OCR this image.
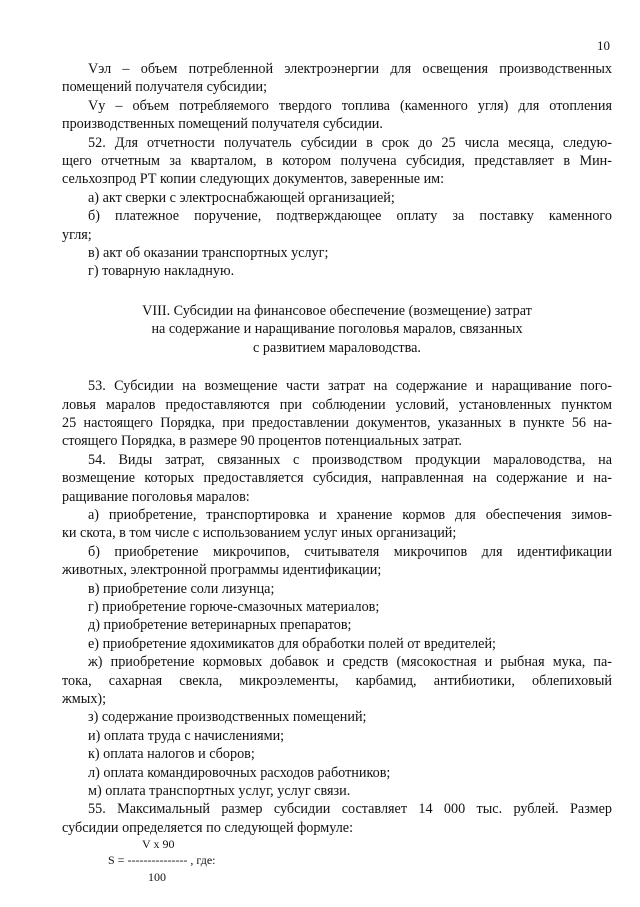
10

Vэл – объем потребленной электроэнергии для освещения производственных

помещений получателя субсидии;

Vу – объем потребляемого твердого топлива (каменного угля) для отопления

производственных помещений получателя субсидии.

52. Для отчетности получатель субсидии в срок до 25 числа месяца, следую-

щего отчетным за кварталом, в котором получена субсидия, представляет в Мин-

сельхозпрод РТ копии следующих документов, заверенные им:

а) акт сверки с электроснабжающей организацией;

б) платежное поручение, подтверждающее оплату за поставку каменного

угля;

в) акт об оказании транспортных услуг;

г) товарную накладную.

VIII. Субсидии на финансовое обеспечение (возмещение) затрат

на содержание и наращивание поголовья маралов, связанных

с развитием мараловодства.

53. Субсидии на возмещение части затрат на содержание и наращивание пого-

ловья маралов предоставляются при соблюдении условий, установленных пунктом

25 настоящего Порядка, при предоставлении документов, указанных в пункте 56 на-

стоящего Порядка, в размере 90 процентов потенциальных затрат.

54. Виды затрат, связанных с производством продукции мараловодства, на

возмещение которых предоставляется субсидия, направленная на содержание и на-

ращивание поголовья маралов:

а) приобретение, транспортировка и хранение кормов для обеспечения зимов-

ки скота, в том числе с использованием услуг иных организаций;

б) приобретение микрочипов, считывателя микрочипов для идентификации

животных, электронной программы идентификации;

в) приобретение соли лизунца;

г) приобретение горюче-смазочных материалов;

д) приобретение ветеринарных препаратов;

е) приобретение ядохимикатов для обработки полей от вредителей;

ж) приобретение кормовых добавок и средств (мясокостная и рыбная мука, па-

тока, сахарная свекла, микроэлементы, карбамид, антибиотики, облепиховый

жмых);

з) содержание производственных помещений;

и) оплата труда с начислениями;

к) оплата налогов и сборов;

л) оплата командировочных расходов работников;

м) оплата транспортных услуг, услуг связи.

55. Максимальный размер субсидии составляет 14 000 тыс. рублей. Размер

субсидии определяется по следующей формуле:

V x 90
S = --------------- , где:
100
